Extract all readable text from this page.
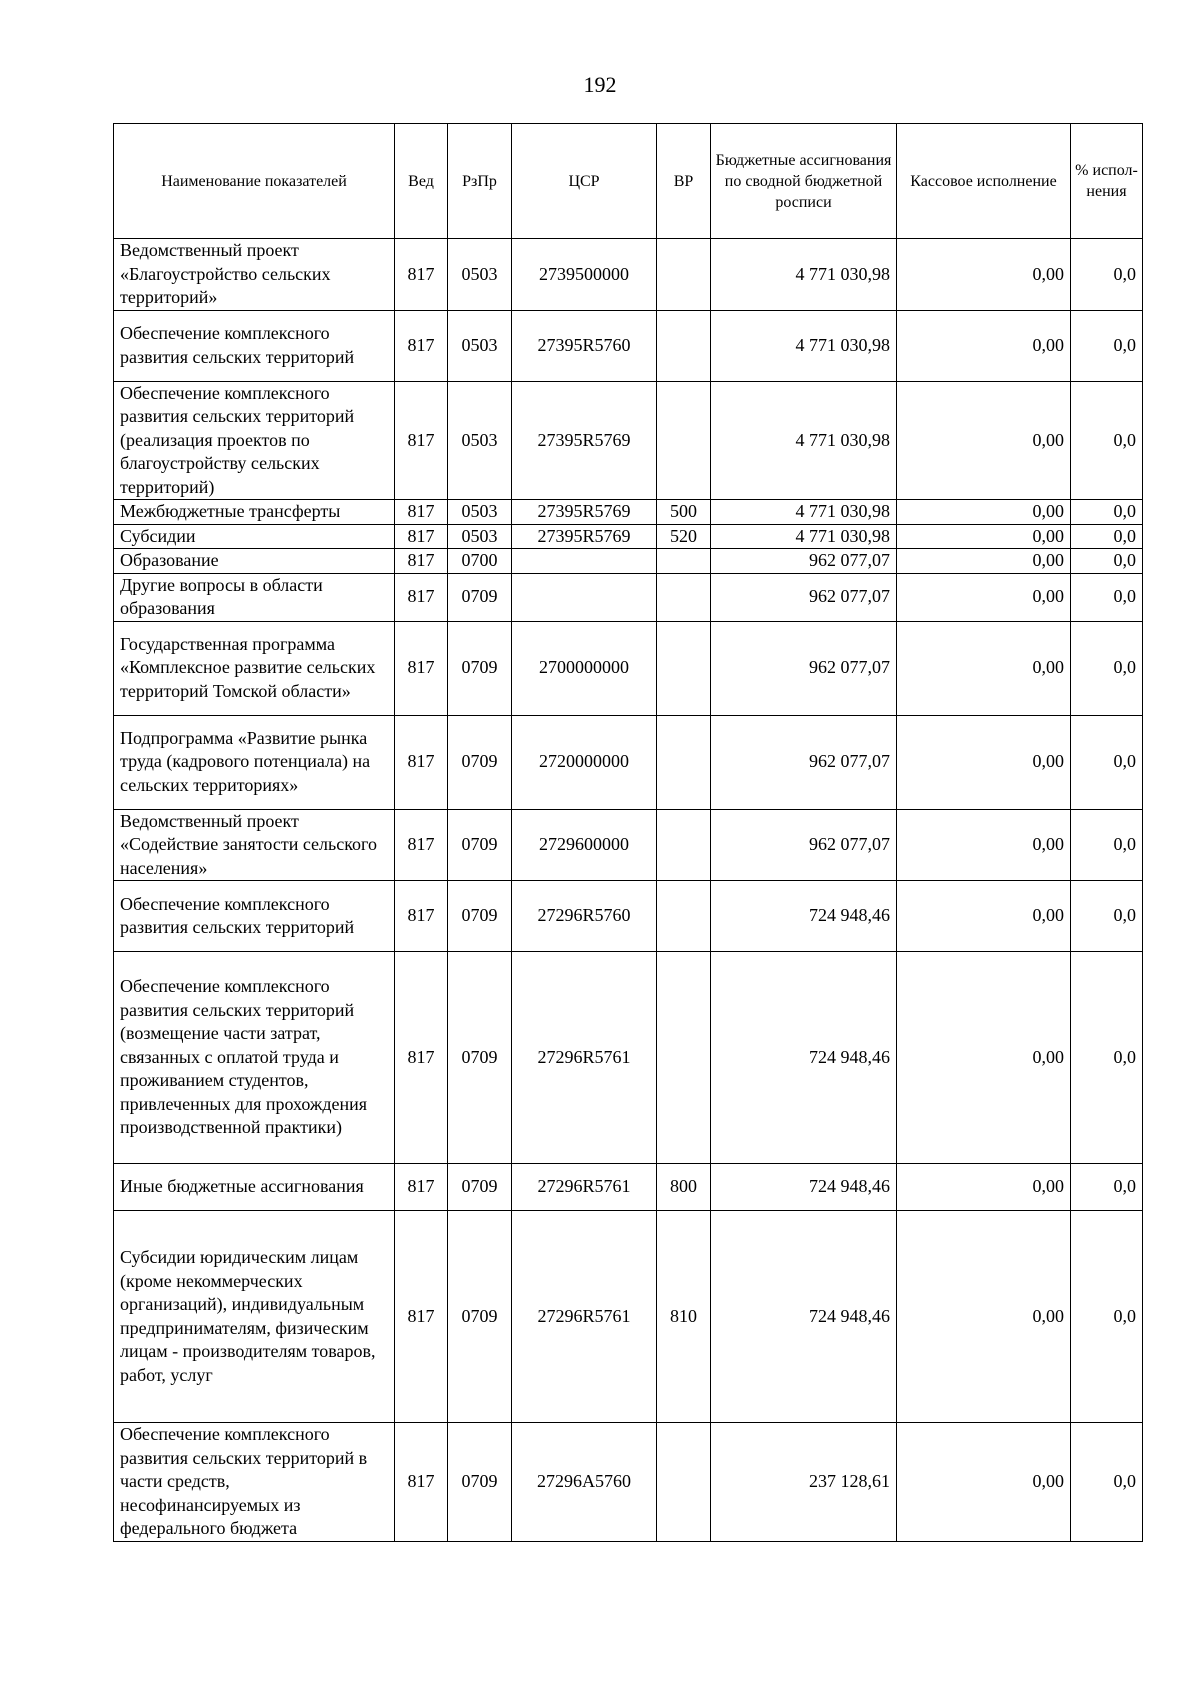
192
Наименование показателей	Вед	РзПр	ЦСР	ВР	Бюджетные ассигнования по сводной бюджетной росписи	Кассовое исполнение	% испол-нения
Ведомственный проект «Благоустройство сельских территорий»	817	0503	2739500000		4 771 030,98	0,00	0,0
Обеспечение комплексного развития сельских территорий	817	0503	27395R5760		4 771 030,98	0,00	0,0
Обеспечение комплексного развития сельских территорий (реализация проектов по благоустройству сельских территорий)	817	0503	27395R5769		4 771 030,98	0,00	0,0
Межбюджетные трансферты	817	0503	27395R5769	500	4 771 030,98	0,00	0,0
Субсидии	817	0503	27395R5769	520	4 771 030,98	0,00	0,0
Образование	817	0700			962 077,07	0,00	0,0
Другие вопросы в области образования	817	0709			962 077,07	0,00	0,0
Государственная программа «Комплексное развитие сельских территорий Томской области»	817	0709	2700000000		962 077,07	0,00	0,0
Подпрограмма «Развитие рынка труда (кадрового потенциала) на сельских территориях»	817	0709	2720000000		962 077,07	0,00	0,0
Ведомственный проект «Содействие занятости сельского населения»	817	0709	2729600000		962 077,07	0,00	0,0
Обеспечение комплексного развития сельских территорий	817	0709	27296R5760		724 948,46	0,00	0,0
Обеспечение комплексного развития сельских территорий (возмещение части затрат, связанных с оплатой труда и проживанием студентов, привлеченных для прохождения производственной практики)	817	0709	27296R5761		724 948,46	0,00	0,0
Иные бюджетные ассигнования	817	0709	27296R5761	800	724 948,46	0,00	0,0
Субсидии юридическим лицам (кроме некоммерческих организаций), индивидуальным предпринимателям, физическим лицам - производителям товаров, работ, услуг	817	0709	27296R5761	810	724 948,46	0,00	0,0
Обеспечение комплексного развития сельских территорий в части средств, несофинансируемых из федерального бюджета	817	0709	27296A5760		237 128,61	0,00	0,0
